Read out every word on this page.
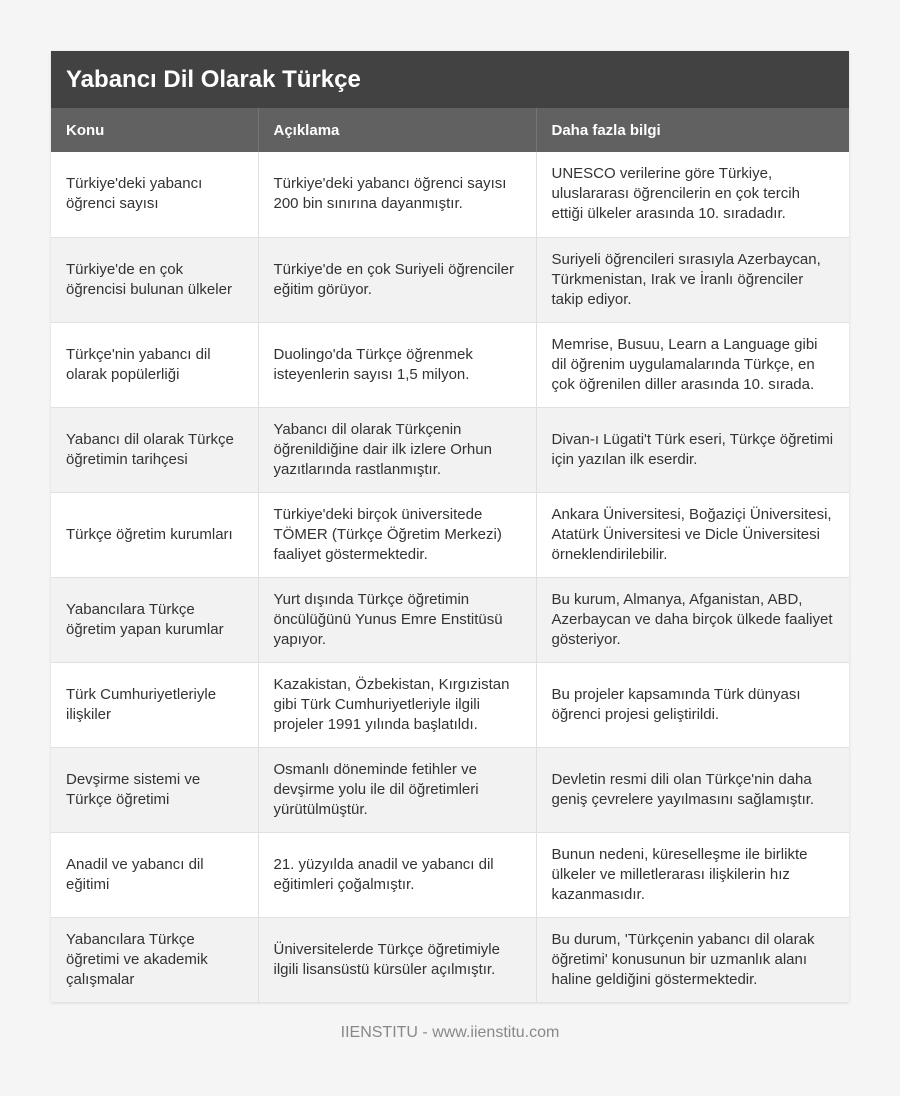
Yabancı Dil Olarak Türkçe
Konu	Açıklama	Daha fazla bilgi
Türkiye'deki yabancı öğrenci sayısı	Türkiye'deki yabancı öğrenci sayısı 200 bin sınırına dayanmıştır.	UNESCO verilerine göre Türkiye, uluslararası öğrencilerin en çok tercih ettiği ülkeler arasında 10. sıradadır.
Türkiye'de en çok öğrencisi bulunan ülkeler	Türkiye'de en çok Suriyeli öğrenciler eğitim görüyor.	Suriyeli öğrencileri sırasıyla Azerbaycan, Türkmenistan, Irak ve İranlı öğrenciler takip ediyor.
Türkçe'nin yabancı dil olarak popülerliği	Duolingo'da Türkçe öğrenmek isteyenlerin sayısı 1,5 milyon.	Memrise, Busuu, Learn a Language gibi dil öğrenim uygulamalarında Türkçe, en çok öğrenilen diller arasında 10. sırada.
Yabancı dil olarak Türkçe öğretimin tarihçesi	Yabancı dil olarak Türkçenin öğrenildiğine dair ilk izlere Orhun yazıtlarında rastlanmıştır.	Divan-ı Lügati't Türk eseri, Türkçe öğretimi için yazılan ilk eserdir.
Türkçe öğretim kurumları	Türkiye'deki birçok üniversitede TÖMER (Türkçe Öğretim Merkezi) faaliyet göstermektedir.	Ankara Üniversitesi, Boğaziçi Üniversitesi, Atatürk Üniversitesi ve Dicle Üniversitesi örneklendirilebilir.
Yabancılara Türkçe öğretim yapan kurumlar	Yurt dışında Türkçe öğretimin öncülüğünü Yunus Emre Enstitüsü yapıyor.	Bu kurum, Almanya, Afganistan, ABD, Azerbaycan ve daha birçok ülkede faaliyet gösteriyor.
Türk Cumhuriyetleriyle ilişkiler	Kazakistan, Özbekistan, Kırgızistan gibi Türk Cumhuriyetleriyle ilgili projeler 1991 yılında başlatıldı.	Bu projeler kapsamında Türk dünyası öğrenci projesi geliştirildi.
Devşirme sistemi ve Türkçe öğretimi	Osmanlı döneminde fetihler ve devşirme yolu ile dil öğretimleri yürütülmüştür.	Devletin resmi dili olan Türkçe'nin daha geniş çevrelere yayılmasını sağlamıştır.
Anadil ve yabancı dil eğitimi	21. yüzyılda anadil ve yabancı dil eğitimleri çoğalmıştır.	Bunun nedeni, küreselleşme ile birlikte ülkeler ve milletlerarası ilişkilerin hız kazanmasıdır.
Yabancılara Türkçe öğretimi ve akademik çalışmalar	Üniversitelerde Türkçe öğretimiyle ilgili lisansüstü kürsüler açılmıştır.	Bu durum, 'Türkçenin yabancı dil olarak öğretimi' konusunun bir uzmanlık alanı haline geldiğini göstermektedir.
IIENSTITU - www.iienstitu.com
